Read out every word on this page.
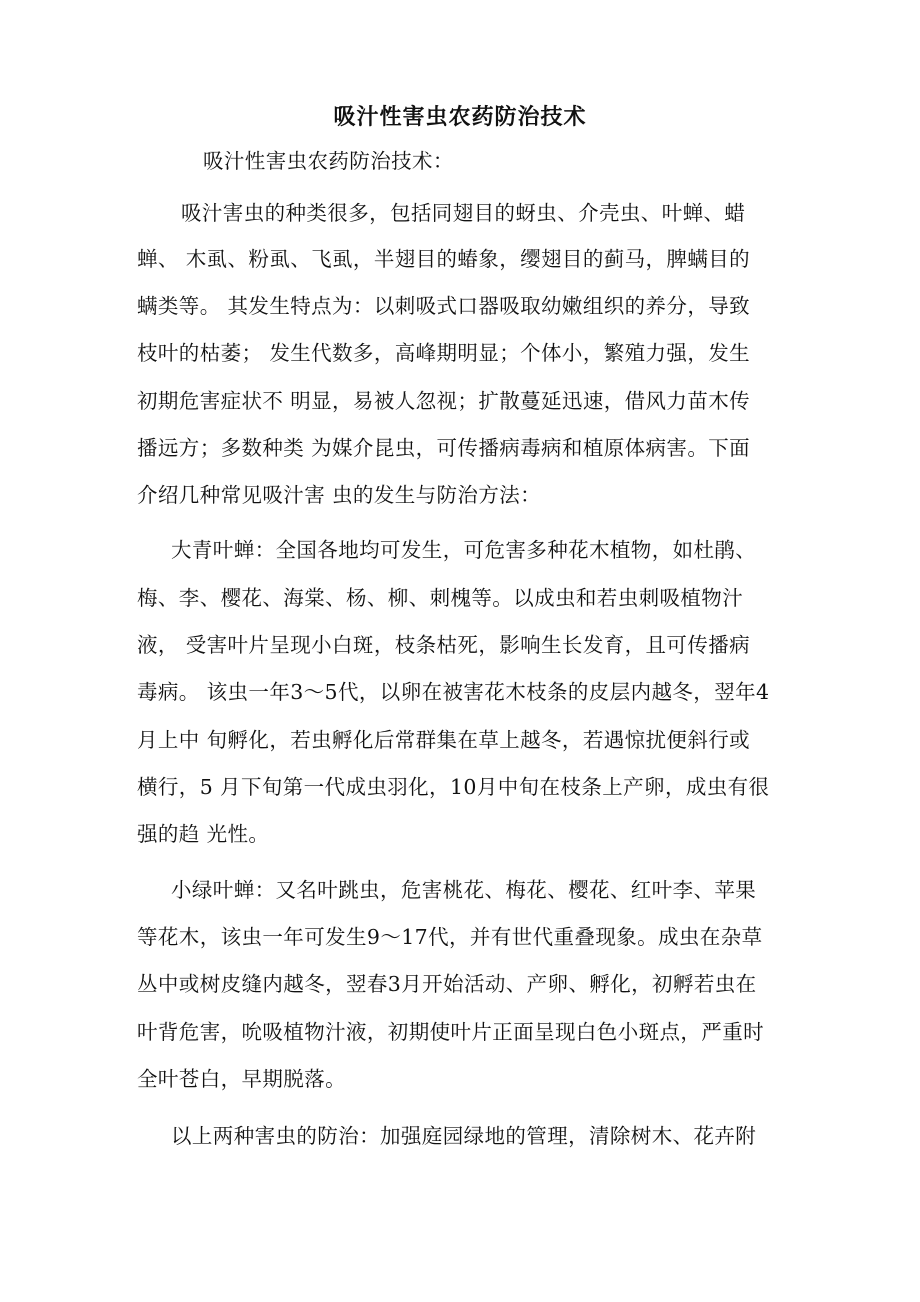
吸汁性害虫农药防治技术
吸汁性害虫农药防治技术：
吸汁害虫的种类很多，包括同翅目的蚜虫、介壳虫、叶蝉、蜡
蝉、 木虱、粉虱、飞虱，半翅目的蝽象，缨翅目的蓟马，脾螨目的
螨类等。 其发生特点为：以刺吸式口器吸取幼嫩组织的养分，导致
枝叶的枯萎； 发生代数多，高峰期明显；个体小，繁殖力强，发生
初期危害症状不 明显，易被人忽视；扩散蔓延迅速，借风力苗木传
播远方；多数种类 为媒介昆虫，可传播病毒病和植原体病害。下面
介绍几种常见吸汁害 虫的发生与防治方法：
大青叶蝉：全国各地均可发生，可危害多种花木植物，如杜鹃、
梅、李、樱花、海棠、杨、柳、刺槐等。以成虫和若虫刺吸植物汁
液， 受害叶片呈现小白斑，枝条枯死，影响生长发育，且可传播病
毒病。 该虫一年3〜5代，以卵在被害花木枝条的皮层内越冬，翌年4
月上中 旬孵化，若虫孵化后常群集在草上越冬，若遇惊扰便斜行或
横行，5 月下旬第一代成虫羽化，10月中旬在枝条上产卵，成虫有很
强的趋 光性。
小绿叶蝉：又名叶跳虫，危害桃花、梅花、樱花、红叶李、苹果
等花木，该虫一年可发生9〜17代，并有世代重叠现象。成虫在杂草
丛中或树皮缝内越冬，翌春3月开始活动、产卵、孵化，初孵若虫在
叶背危害，吮吸植物汁液，初期使叶片正面呈现白色小斑点，严重时
全叶苍白，早期脱落。
以上两种害虫的防治：加强庭园绿地的管理，清除树木、花卉附
